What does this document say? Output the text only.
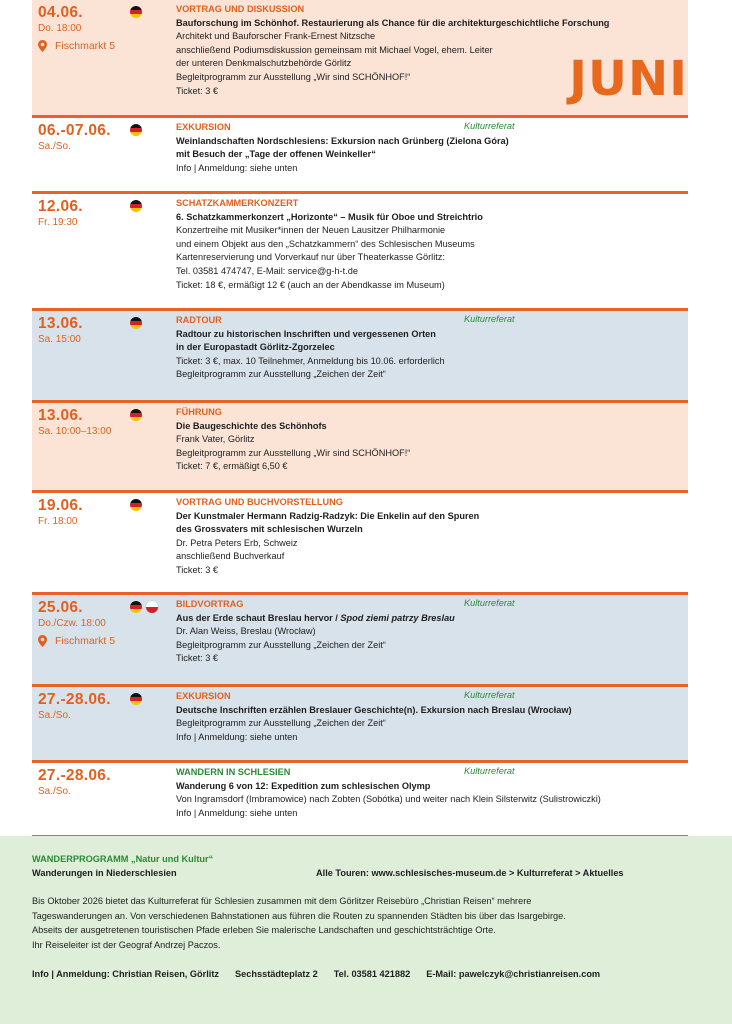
04.06.
Do. 18:00
Fischmarkt 5
VORTRAG UND DISKUSSION
Bauforschung im Schönhof. Restaurierung als Chance für die architekturgeschichtliche Forschung
Architekt und Bauforscher Frank-Ernest Nitzsche
anschließend Podiumsdiskussion gemeinsam mit Michael Vogel, ehem. Leiter
der unteren Denkmalschutzbehörde Görlitz
Begleitprogramm zur Ausstellung „Wir sind SCHÖNHOF!“
Ticket: 3 €	JUNI
06.-07.06.
Sa./So.
Kulturreferat
EXKURSION
Weinlandschaften Nordschlesiens: Exkursion nach Grünberg (Zielona Góra)
mit Besuch der „Tage der offenen Weinkeller“
Info | Anmeldung: siehe unten
12.06.
Fr. 19:30
SCHATZKAMMERKONZERT
6. Schatzkammerkonzert „Horizonte“ – Musik für Oboe und Streichtrio
Konzertreihe mit Musiker*innen der Neuen Lausitzer Philharmonie
und einem Objekt aus den „Schatzkammern“ des Schlesischen Museums
Kartenreservierung und Vorverkauf nur über Theaterkasse Görlitz:
Tel. 03581 474747, E-Mail: service@g-h-t.de
Ticket: 18 €, ermäßigt 12 € (auch an der Abendkasse im Museum)
13.06.
Sa. 15:00
Kulturreferat
RADTOUR
Radtour zu historischen Inschriften und vergessenen Orten
in der Europastadt Görlitz-Zgorzelec
Ticket: 3 €, max. 10 Teilnehmer, Anmeldung bis 10.06. erforderlich
Begleitprogramm zur Ausstellung „Zeichen der Zeit“
13.06.
Sa. 10:00–13:00
FÜHRUNG
Die Baugeschichte des Schönhofs
Frank Vater, Görlitz
Begleitprogramm zur Ausstellung „Wir sind SCHÖNHOF!“
Ticket: 7 €, ermäßigt 6,50 €
19.06.
Fr. 18:00
VORTRAG UND BUCHVORSTELLUNG
Der Kunstmaler Hermann Radzig-Radzyk: Die Enkelin auf den Spuren
des Grossvaters mit schlesischen Wurzeln
Dr. Petra Peters Erb, Schweiz
anschließend Buchverkauf
Ticket: 3 €
25.06.
Do./Czw. 18:00
Fischmarkt 5
Kulturreferat
BILDVORTRAG
Aus der Erde schaut Breslau hervor / Spod ziemi patrzy Breslau
Dr. Alan Weiss, Breslau (Wrocław)
Begleitprogramm zur Ausstellung „Zeichen der Zeit“
Ticket: 3 €
27.-28.06.
Sa./So.
Kulturreferat
EXKURSION
Deutsche Inschriften erzählen Breslauer Geschichte(n). Exkursion nach Breslau (Wrocław)
Begleitprogramm zur Ausstellung „Zeichen der Zeit“
Info | Anmeldung: siehe unten
27.-28.06.
Sa./So.
Kulturreferat
WANDERN IN SCHLESIEN
Wanderung 6 von 12: Expedition zum schlesischen Olymp
Von Ingramsdorf (Imbramowice) nach Zobten (Sobótka) und weiter nach Klein Silsterwitz (Sulistrowiczki)
Info | Anmeldung: siehe unten
WANDERPROGRAMM „Natur und Kultur“
Wanderungen in Niederschlesien	Alle Touren: www.schlesisches-museum.de > Kulturreferat > Aktuelles
Bis Oktober 2026 bietet das Kulturreferat für Schlesien zusammen mit dem Görlitzer Reisebüro „Christian Reisen“ mehrere
Tageswanderungen an. Von verschiedenen Bahnstationen aus führen die Routen zu spannenden Städten bis über das Isargebirge.
Abseits der ausgetretenen touristischen Pfade erleben Sie malerische Landschaften und geschichtsträchtige Orte.
Ihr Reiseleiter ist der Geograf Andrzej Paczos.
Info | Anmeldung: Christian Reisen, Görlitz Sechsstädteplatz 2 Tel. 03581 421882 E-Mail: pawelczyk@christianreisen.com
